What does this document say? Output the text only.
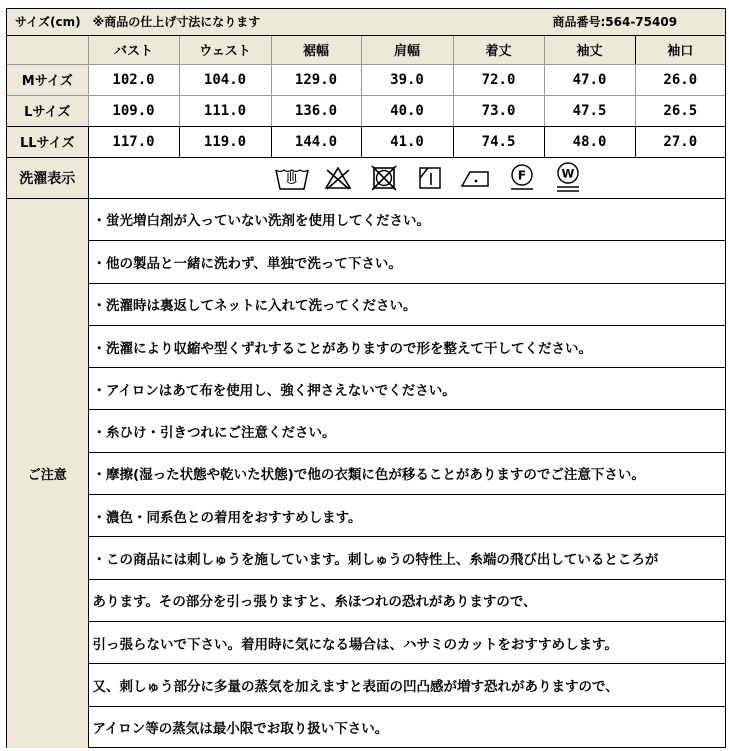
サイズ(cm)　※商品の仕上げ寸法になります					商品番号:564-75409		
	バスト	ウェスト	裾幅	肩幅	着丈	袖丈	袖口
Mサイズ	102.0	104.0	129.0	39.0	72.0	47.0	26.0
Lサイズ	109.0	111.0	136.0	40.0	73.0	47.5	26.5
LLサイズ	117.0	119.0	144.0	41.0	74.5	48.0	27.0
洗濯表示	F W						
ご注意	・蛍光増白剤が入っていない洗剤を使用してください。
・他の製品と一緒に洗わず、単独で洗って下さい。
・洗濯時は裏返してネットに入れて洗ってください。
・洗濯により収縮や型くずれすることがありますので形を整えて干してください。
・アイロンはあて布を使用し、強く押さえないでください。
・糸ひけ・引きつれにご注意ください。
・摩擦(湿った状態や乾いた状態)で他の衣類に色が移ることがありますのでご注意下さい。
・濃色・同系色との着用をおすすめします。
・この商品には刺しゅうを施しています。刺しゅうの特性上、糸端の飛び出しているところが
あります。その部分を引っ張りますと、糸ほつれの恐れがありますので、
引っ張らないで下さい。着用時に気になる場合は、ハサミのカットをおすすめします。
又、刺しゅう部分に多量の蒸気を加えますと表面の凹凸感が増す恐れがありますので、
アイロン等の蒸気は最小限でお取り扱い下さい。
